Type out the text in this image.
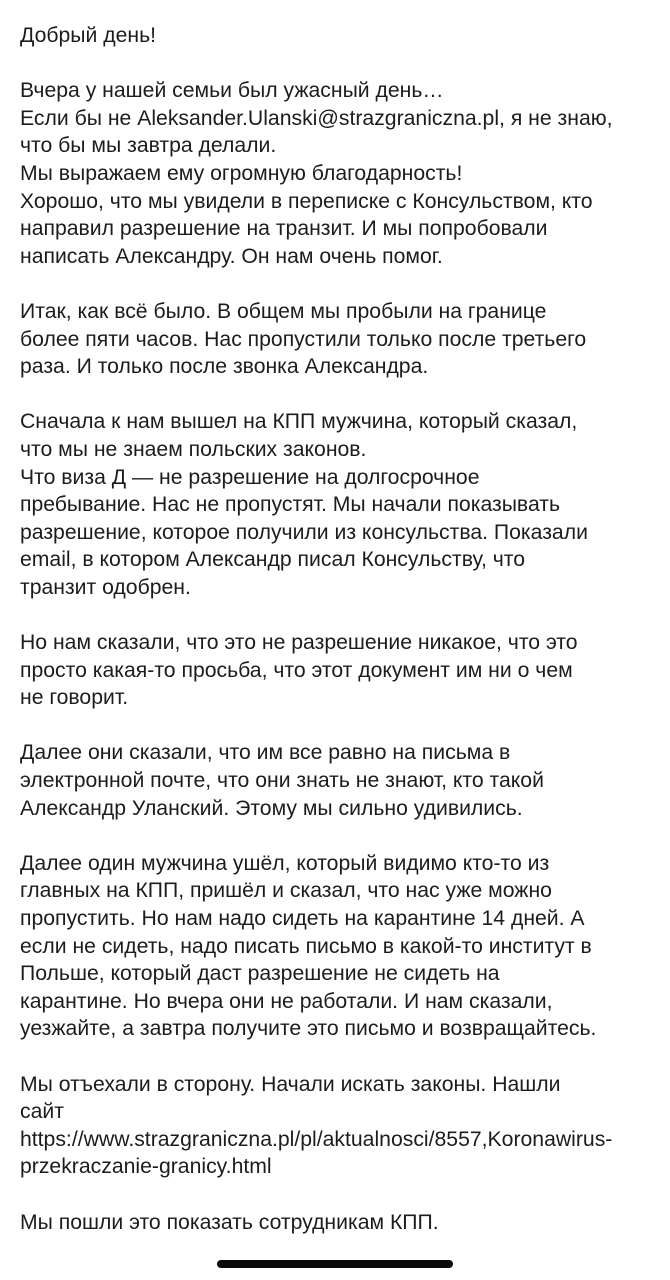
Добрый день!
Вчера у нашей семьи был ужасный день…
Если бы не Aleksander.Ulanski@strazgraniczna.pl, я не знаю,
что бы мы завтра делали.
Мы выражаем ему огромную благодарность!
Хорошо, что мы увидели в переписке с Консульством, кто
направил разрешение на транзит. И мы попробовали
написать Александру. Он нам очень помог.
Итак, как всё было. В общем мы пробыли на границе
более пяти часов. Нас пропустили только после третьего
раза. И только после звонка Александра.
Сначала к нам вышел на КПП мужчина, который сказал,
что мы не знаем польских законов.
Что виза Д — не разрешение на долгосрочное
пребывание. Нас не пропустят. Мы начали показывать
разрешение, которое получили из консульства. Показали
email, в котором Александр писал Консульству, что
транзит одобрен.
Но нам сказали, что это не разрешение никакое, что это
просто какая-то просьба, что этот документ им ни о чем
не говорит.
Далее они сказали, что им все равно на письма в
электронной почте, что они знать не знают, кто такой
Александр Уланский. Этому мы сильно удивились.
Далее один мужчина ушёл, который видимо кто-то из
главных на КПП, пришёл и сказал, что нас уже можно
пропустить. Но нам надо сидеть на карантине 14 дней. А
если не сидеть, надо писать письмо в какой-то институт в
Польше, который даст разрешение не сидеть на
карантине. Но вчера они не работали. И нам сказали,
уезжайте, а завтра получите это письмо и возвращайтесь.
Мы отъехали в сторону. Начали искать законы. Нашли
сайт
https://www.strazgraniczna.pl/pl/aktualnosci/8557,Koronawirus-
przekraczanie-granicy.html
Мы пошли это показать сотрудникам КПП.
